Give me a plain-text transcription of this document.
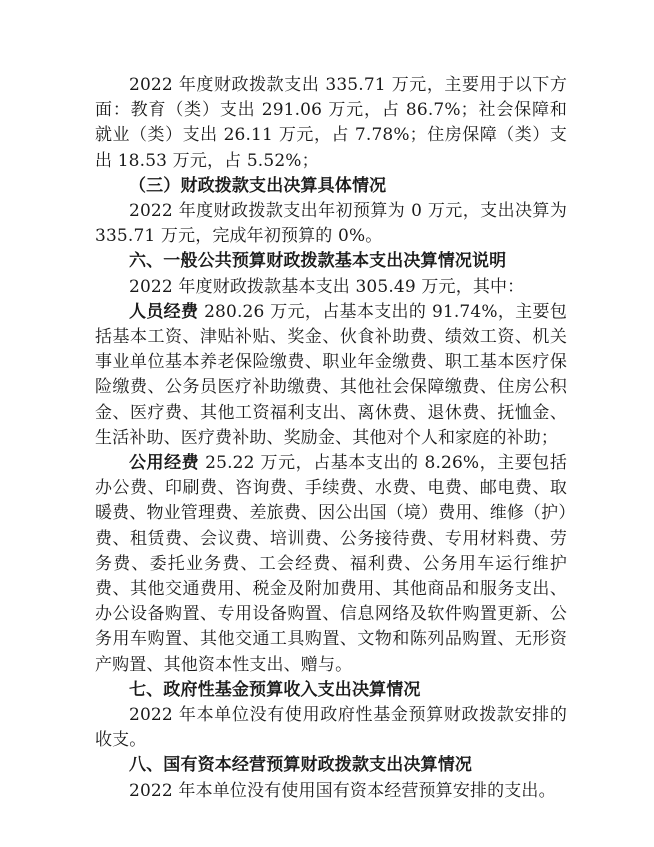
2022 年度财政拨款支出 335.71 万元，主要用于以下方面：教育（类）支出 291.06 万元，占 86.7%；社会保障和就业（类）支出 26.11 万元，占 7.78%；住房保障（类）支出 18.53 万元，占 5.52%；

（三）财政拨款支出决算具体情况

2022 年度财政拨款支出年初预算为 0 万元，支出决算为 335.71 万元，完成年初预算的 0%。

六、一般公共预算财政拨款基本支出决算情况说明

2022 年度财政拨款基本支出 305.49 万元，其中：

人员经费 280.26 万元，占基本支出的 91.74%，主要包括基本工资、津贴补贴、奖金、伙食补助费、绩效工资、机关事业单位基本养老保险缴费、职业年金缴费、职工基本医疗保险缴费、公务员医疗补助缴费、其他社会保障缴费、住房公积金、医疗费、其他工资福利支出、离休费、退休费、抚恤金、生活补助、医疗费补助、奖励金、其他对个人和家庭的补助；

公用经费 25.22 万元，占基本支出的 8.26%，主要包括办公费、印刷费、咨询费、手续费、水费、电费、邮电费、取暖费、物业管理费、差旅费、因公出国（境）费用、维修（护）费、租赁费、会议费、培训费、公务接待费、专用材料费、劳务费、委托业务费、工会经费、福利费、公务用车运行维护费、其他交通费用、税金及附加费用、其他商品和服务支出、办公设备购置、专用设备购置、信息网络及软件购置更新、公务用车购置、其他交通工具购置、文物和陈列品购置、无形资产购置、其他资本性支出、赠与。

七、政府性基金预算收入支出决算情况

2022 年本单位没有使用政府性基金预算财政拨款安排的收支。

八、国有资本经营预算财政拨款支出决算情况

2022 年本单位没有使用国有资本经营预算安排的支出。
